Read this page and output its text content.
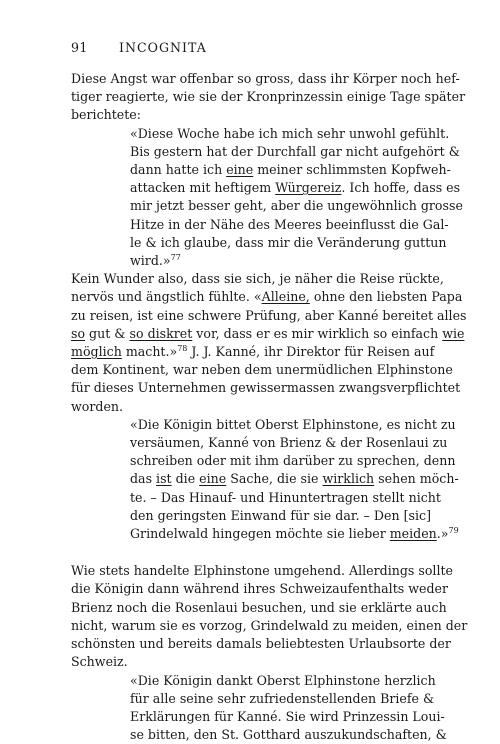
91 INCOGNITA
Diese Angst war offenbar so gross, dass ihr Körper noch hef-
tiger reagierte, wie sie der Kronprinzessin einige Tage später
berichtete:
«Diese Woche habe ich mich sehr unwohl gefühlt.
Bis gestern hat der Durchfall gar nicht aufgehört &
dann hatte ich eine meiner schlimmsten Kopfweh-
attacken mit heftigem Würgereiz. Ich hoffe, dass es
mir jetzt besser geht, aber die ungewöhnlich grosse
Hitze in der Nähe des Meeres beeinflusst die Gal-
le & ich glaube, dass mir die Veränderung guttun
wird.»$^{77}$
Kein Wunder also, dass sie sich, je näher die Reise rückte,
nervös und ängstlich fühlte. «Alleine, ohne den liebsten Papa
zu reisen, ist eine schwere Prüfung, aber Kanné bereitet alles
so gut & so diskret vor, dass er es mir wirklich so einfach wie
möglich macht.»$^{78}$ J. J. Kanné, ihr Direktor für Reisen auf
dem Kontinent, war neben dem unermüdlichen Elphinstone
für dieses Unternehmen gewissermassen zwangsverpflichtet
worden.
«Die Königin bittet Oberst Elphinstone, es nicht zu
versäumen, Kanné von Brienz & der Rosenlaui zu
schreiben oder mit ihm darüber zu sprechen, denn
das ist die eine Sache, die sie wirklich sehen möch-
te. – Das Hinauf- und Hinuntertragen stellt nicht
den geringsten Einwand für sie dar. – Den [sic]
Grindelwald hingegen möchte sie lieber meiden.»$^{79}$
Wie stets handelte Elphinstone umgehend. Allerdings sollte
die Königin dann während ihres Schweizaufenthalts weder
Brienz noch die Rosenlaui besuchen, und sie erklärte auch
nicht, warum sie es vorzog, Grindelwald zu meiden, einen der
schönsten und bereits damals beliebtesten Urlaubsorte der
Schweiz.
«Die Königin dankt Oberst Elphinstone herzlich
für alle seine sehr zufriedenstellenden Briefe &
Erklärungen für Kanné. Sie wird Prinzessin Loui-
se bitten, den St. Gotthard auszukundschaften, &
